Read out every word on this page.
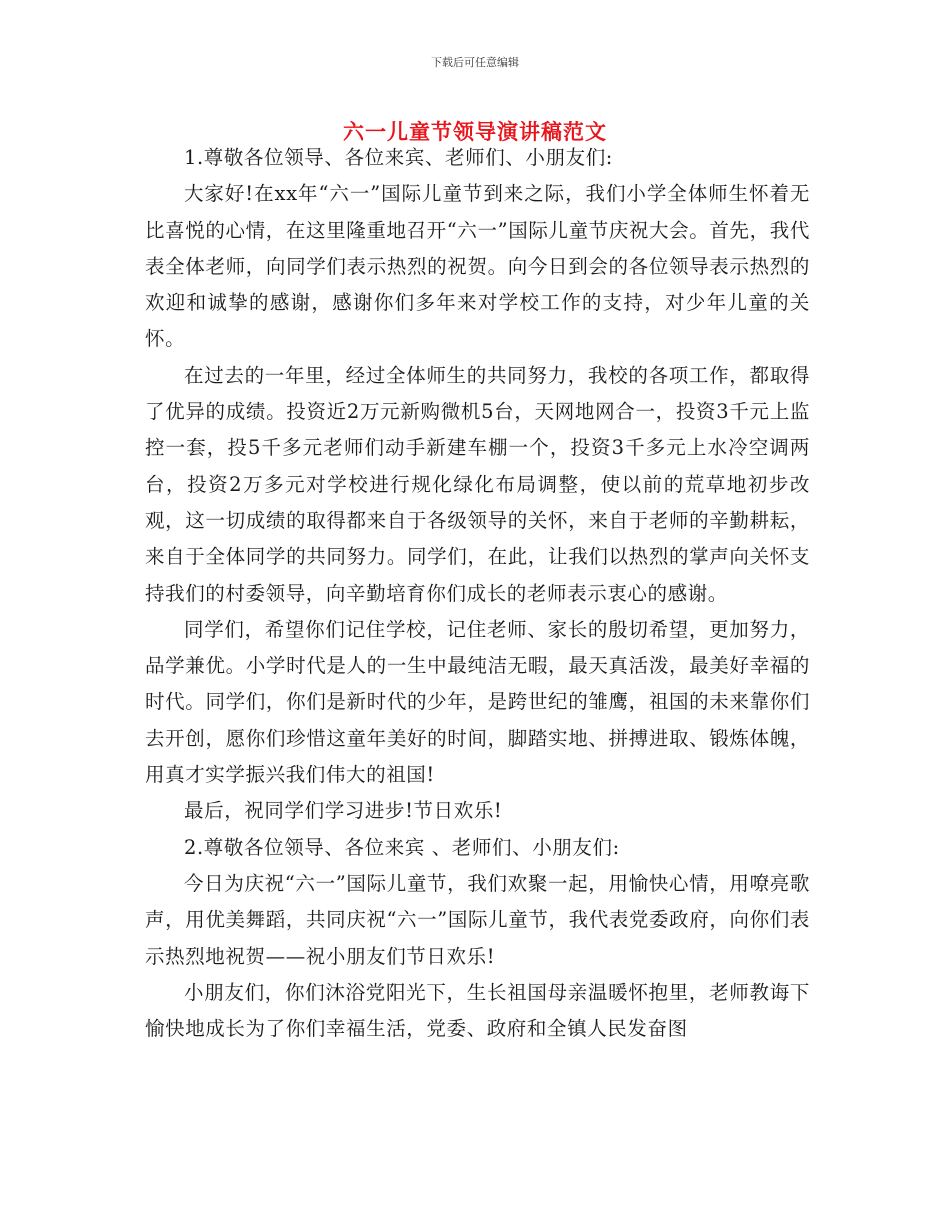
下载后可任意编辑
六一儿童节领导演讲稿范文

1.尊敬各位领导、各位来宾、老师们、小朋友们:

大家好!在xx年“六一”国际儿童节到来之际，我们小学全体师生怀着无比喜悦的心情，在这里隆重地召开“六一”国际儿童节庆祝大会。首先，我代表全体老师，向同学们表示热烈的祝贺。向今日到会的各位领导表示热烈的欢迎和诚挚的感谢，感谢你们多年来对学校工作的支持，对少年儿童的关怀。

在过去的一年里，经过全体师生的共同努力，我校的各项工作，都取得了优异的成绩。投资近2万元新购微机5台，天网地网合一，投资3千元上监控一套，投5千多元老师们动手新建车棚一个，投资3千多元上水冷空调两台，投资2万多元对学校进行规化绿化布局调整，使以前的荒草地初步改观，这一切成绩的取得都来自于各级领导的关怀，来自于老师的辛勤耕耘，来自于全体同学的共同努力。同学们，在此，让我们以热烈的掌声向关怀支持我们的村委领导，向辛勤培育你们成长的老师表示衷心的感谢。

同学们，希望你们记住学校，记住老师、家长的殷切希望，更加努力，品学兼优。小学时代是人的一生中最纯洁无暇，最天真活泼，最美好幸福的时代。同学们，你们是新时代的少年，是跨世纪的雏鹰，祖国的未来靠你们去开创，愿你们珍惜这童年美好的时间，脚踏实地、拼搏进取、锻炼体魄，用真才实学振兴我们伟大的祖国!

最后，祝同学们学习进步!节日欢乐!

2.尊敬各位领导、各位来宾 、老师们、小朋友们:

今日为庆祝“六一”国际儿童节，我们欢聚一起，用愉快心情，用嘹亮歌声，用优美舞蹈，共同庆祝“六一”国际儿童节，我代表党委政府，向你们表示热烈地祝贺——祝小朋友们节日欢乐!

小朋友们，你们沐浴党阳光下，生长祖国母亲温暖怀抱里，老师教诲下愉快地成长为了你们幸福生活，党委、政府和全镇人民发奋图
